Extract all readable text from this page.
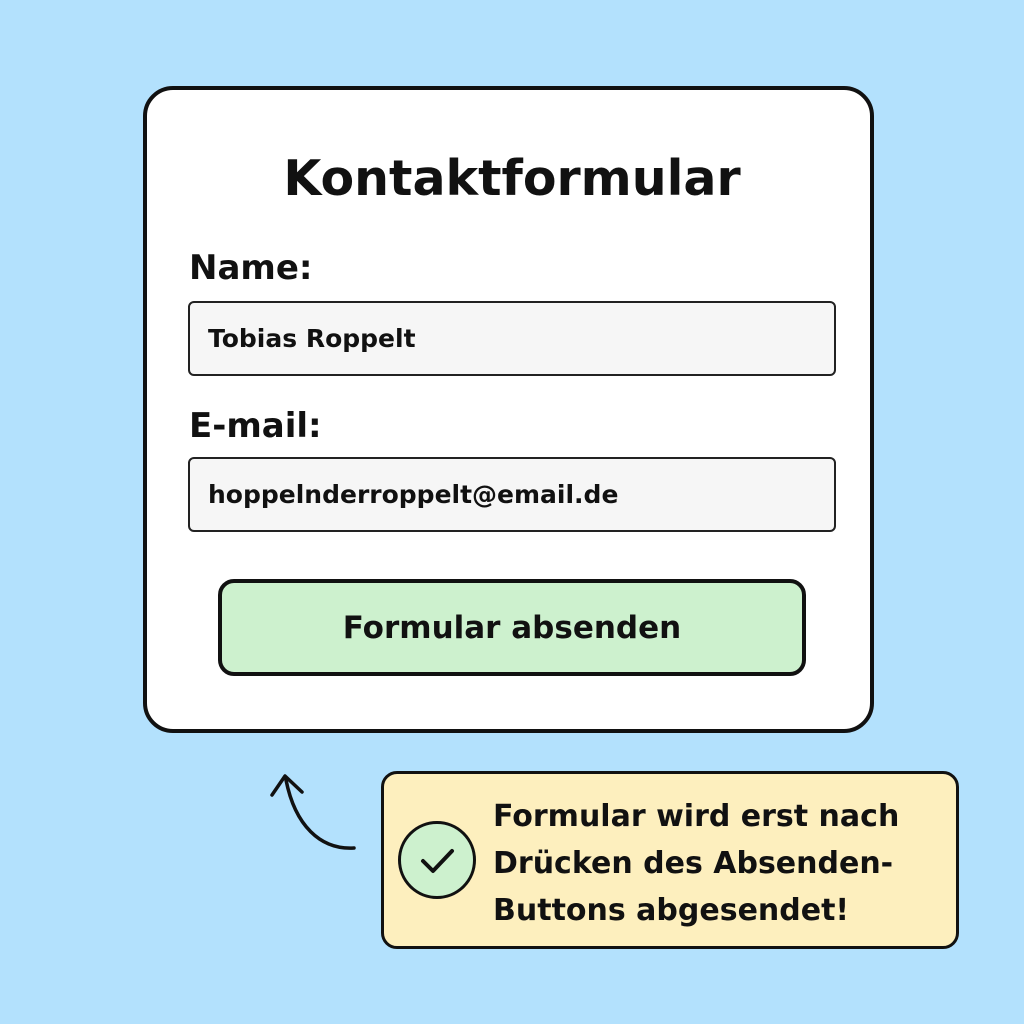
Kontaktformular
Name:
Tobias Roppelt
E-mail:
hoppelnderroppelt@email.de
Formular absenden
Formular wird erst nach
Drücken des Absenden-
Buttons abgesendet!
